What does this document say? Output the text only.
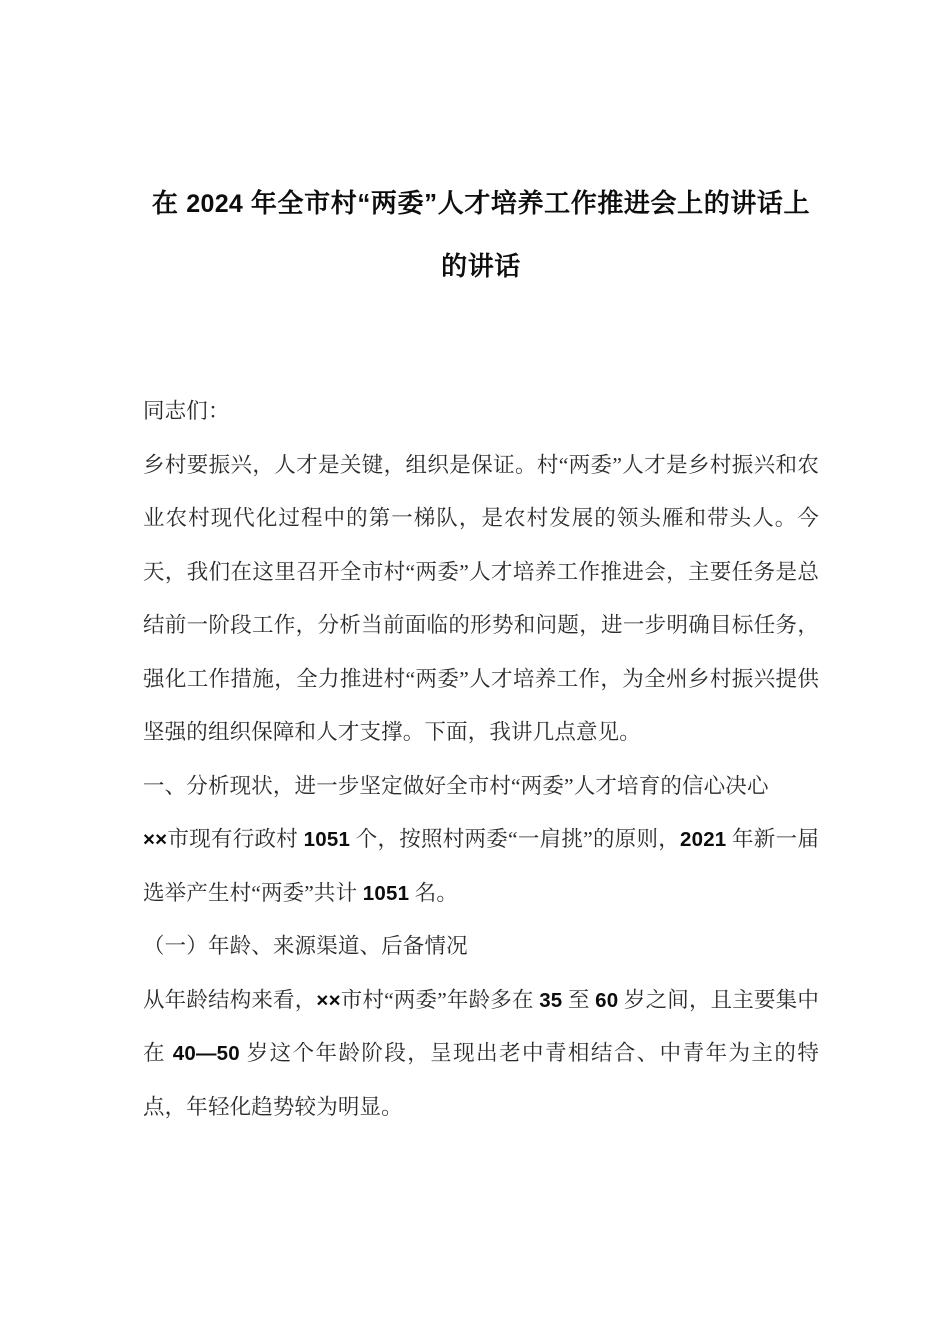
在 2024 年全市村“两委”人才培养工作推进会上的讲话上的讲话

同志们：

乡村要振兴，人才是关键，组织是保证。村“两委”人才是乡村振兴和农业农村现代化过程中的第一梯队，是农村发展的领头雁和带头人。今天，我们在这里召开全市村“两委”人才培养工作推进会，主要任务是总结前一阶段工作，分析当前面临的形势和问题，进一步明确目标任务，强化工作措施，全力推进村“两委”人才培养工作，为全州乡村振兴提供坚强的组织保障和人才支撑。下面，我讲几点意见。

一、分析现状，进一步坚定做好全市村“两委”人才培育的信心决心

××市现有行政村 1051 个，按照村两委“一肩挑”的原则，2021 年新一届选举产生村“两委”共计 1051 名。

（一）年龄、来源渠道、后备情况

从年龄结构来看，××市村“两委”年龄多在 35 至 60 岁之间，且主要集中在 40—50 岁这个年龄阶段，呈现出老中青相结合、中青年为主的特点，年轻化趋势较为明显。
